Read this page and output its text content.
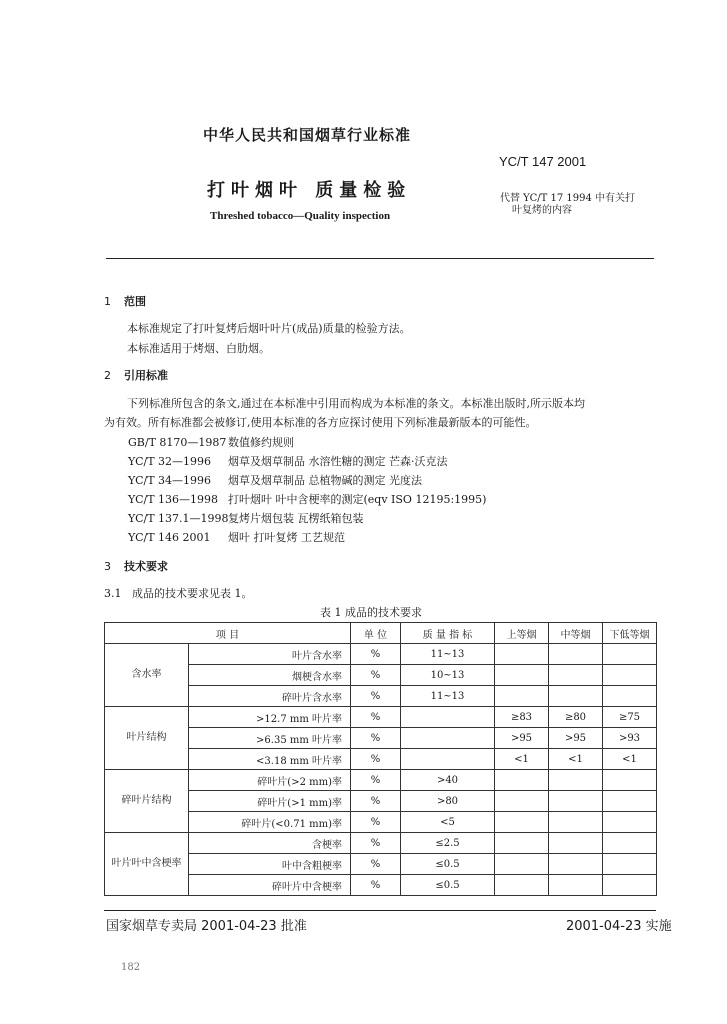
中华人民共和国烟草行业标准
YC/T 147 2001
打叶烟叶 质量检验	代替 YC/T 17 1994 中有关打
叶复烤的内容
Threshed tobacco—Quality inspection
1 范围
本标准规定了打叶复烤后烟叶叶片(成品)质量的检验方法。
本标准适用于烤烟、白肋烟。
2 引用标准
下列标准所包含的条文,通过在本标准中引用而构成为本标准的条文。本标准出版时,所示版本均
为有效。所有标准都会被修订,使用本标准的各方应探讨使用下列标准最新版本的可能性。
GB/T 8170—1987 数值修约规则
YC/T 32—1996 烟草及烟草制品 水溶性糖的测定 芒森·沃克法
YC/T 34—1996 烟草及烟草制品 总植物碱的测定 光度法
YC/T 136—1998 打叶烟叶 叶中含梗率的测定(eqv ISO 12195:1995)
YC/T 137.1—1998复烤片烟包装 瓦楞纸箱包装
YC/T 146 2001 烟叶 打叶复烤 工艺规范
3 技术要求
3.1 成品的技术要求见表 1。
表 1 成品的技术要求
项 目		单 位	质 量 指 标	上等烟	中等烟	下低等烟
含水率	叶片含水率	%	11~13			
	烟梗含水率	%	10~13			
	碎叶片含水率	%	11~13			
叶片结构	>12.7 mm 叶片率	%		≥83	≥80	≥75
	>6.35 mm 叶片率	%		>95	>95	>93
	<3.18 mm 叶片率	%		<1	<1	<1
碎叶片结构	碎叶片(>2 mm)率	%	>40			
	碎叶片(>1 mm)率	%	>80			
	碎叶片(<0.71 mm)率	%	<5			
叶片叶中含梗率	含梗率	%	≤2.5			
	叶中含粗梗率	%	≤0.5			
	碎叶片中含梗率	%	≤0.5			
国家烟草专卖局 2001-04-23 批准	2001-04-23 实施
182
